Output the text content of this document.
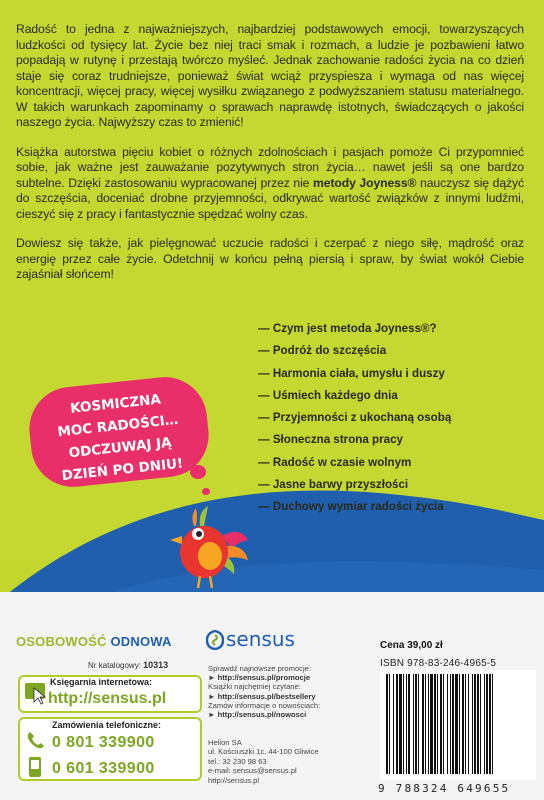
Radość to jedna z najważniejszych, najbardziej podstawowych emocji, towarzyszących ludzkości od tysięcy lat. Życie bez niej traci smak i rozmach, a ludzie je pozbawieni łatwo popadają w rutynę i przestają twórczo myśleć. Jednak zachowanie radości życia na co dzień staje się coraz trudniejsze, ponieważ świat wciąż przyspiesza i wymaga od nas więcej koncentracji, więcej pracy, więcej wysiłku związanego z podwyższaniem statusu materialnego. W takich warunkach zapominamy o sprawach naprawdę istotnych, świadczących o jakości naszego życia. Najwyższy czas to zmienić!

Książka autorstwa pięciu kobiet o różnych zdolnościach i pasjach pomoże Ci przypomnieć sobie, jak ważne jest zauważanie pozytywnych stron życia… nawet jeśli są one bardzo subtelne. Dzięki zastosowaniu wypracowanej przez nie metody Joyness® nauczysz się dążyć do szczęścia, doceniać drobne przyjemności, odkrywać wartość związków z innymi ludźmi, cieszyć się z pracy i fantastycznie spędzać wolny czas.

Dowiesz się także, jak pielęgnować uczucie radości i czerpać z niego siłę, mądrość oraz energię przez całe życie. Odetchnij w końcu pełną piersią i spraw, by świat wokół Ciebie zajaśniał słońcem!

— Czym jest metoda Joyness®?
— Podróż do szczęścia
— Harmonia ciała, umysłu i duszy
— Uśmiech każdego dnia
— Przyjemności z ukochaną osobą
— Słoneczna strona pracy
— Radość w czasie wolnym
— Jasne barwy przyszłości
— Duchowy wymiar radości życia
KOSMICZNA
MOC RADOŚCI…
ODCZUWAJ JĄ
DZIEŃ PO DNIU!
OSOBOWOŚĆ ODNOWA
Nr katalogowy: 10313
Księgarnia internetowa:
http://sensus.pl
Zamówienia telefoniczne:
0 801 339900
0 601 339900
sensus
Sprawdź najnowsze promocje:
► http://sensus.pl/promocje
Książki najchętniej czytane:
► http://sensus.pl/bestsellery
Zamów informacje o nowościach:
► http://sensus.pl/nowosci
Helion SA
ul. Kościuszki 1c, 44-100 Gliwice
tel.: 32 230 98 63
e-mail: sensus@sensus.pl
http://sensus.pl
Cena 39,00 zł
ISBN 978-83-246-4965-5
9 788324 649655
